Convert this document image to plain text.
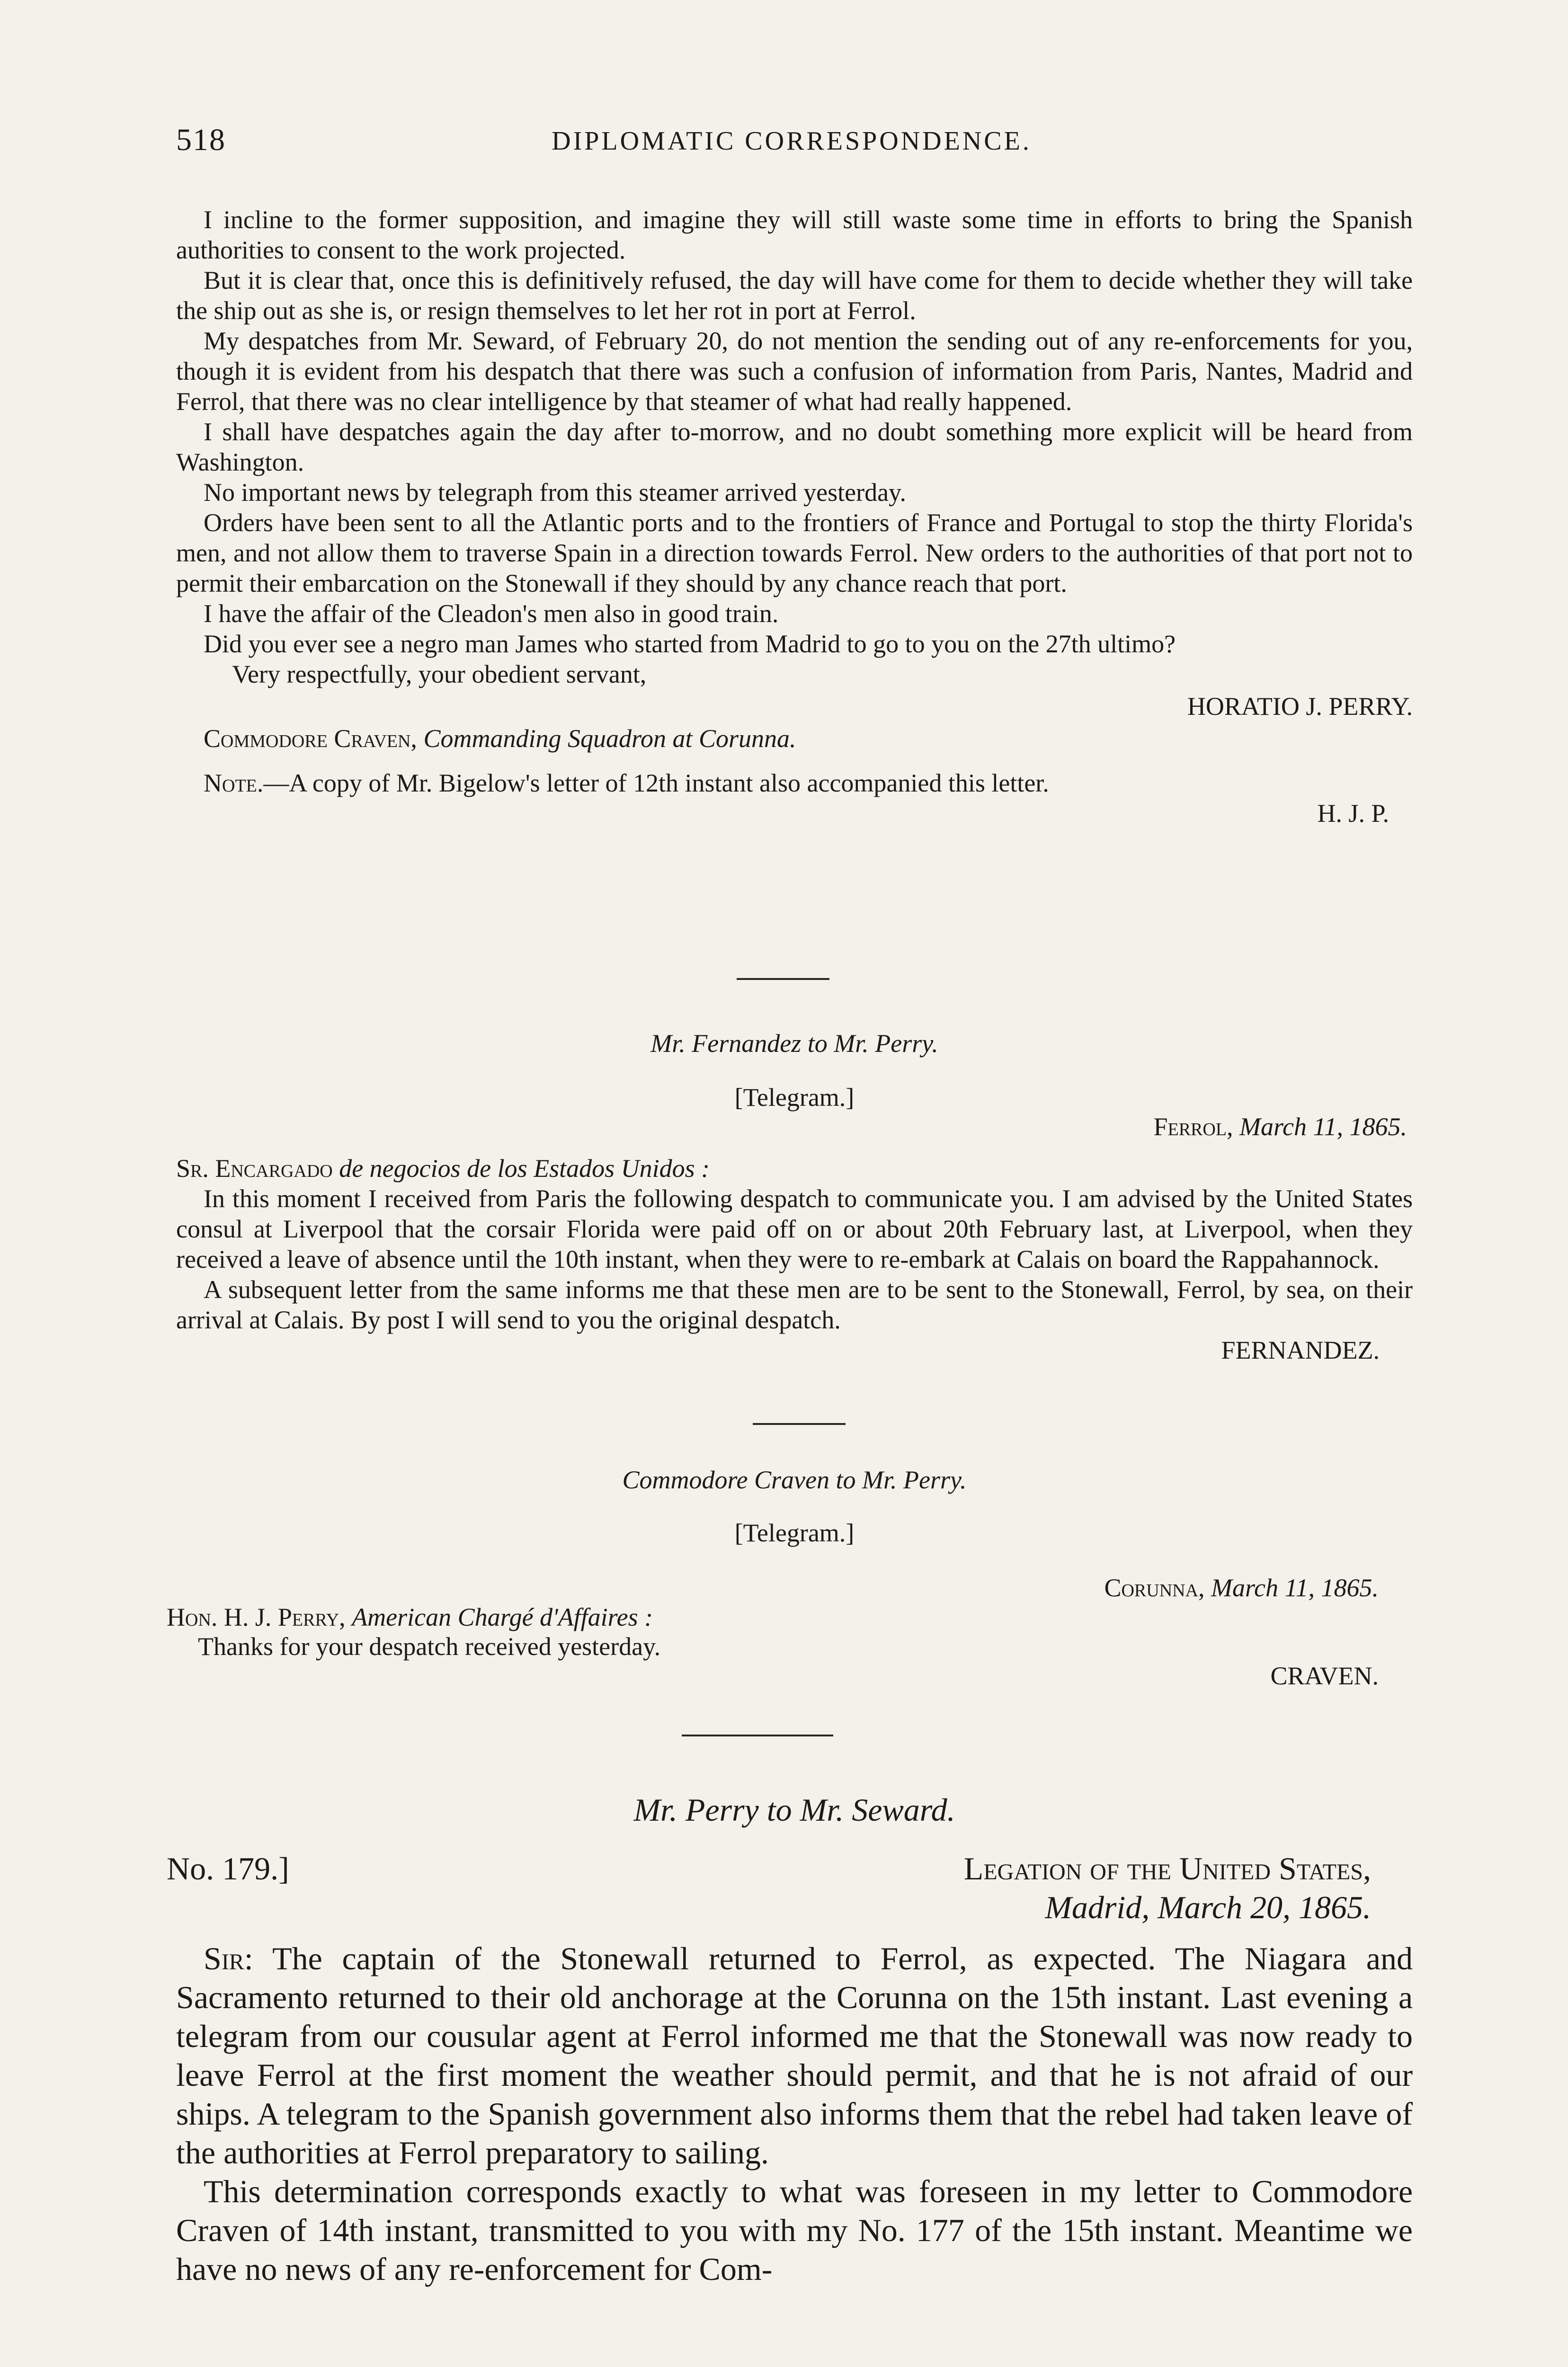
518	DIPLOMATIC CORRESPONDENCE.

I incline to the former supposition, and imagine they will still waste some time in efforts to bring the Spanish authorities to consent to the work projected.

But it is clear that, once this is definitively refused, the day will have come for them to decide whether they will take the ship out as she is, or resign themselves to let her rot in port at Ferrol.

My despatches from Mr. Seward, of February 20, do not mention the sending out of any re-enforcements for you, though it is evident from his despatch that there was such a confusion of information from Paris, Nantes, Madrid and Ferrol, that there was no clear intelligence by that steamer of what had really happened.

I shall have despatches again the day after to-morrow, and no doubt something more explicit will be heard from Washington.

No important news by telegraph from this steamer arrived yesterday.

Orders have been sent to all the Atlantic ports and to the frontiers of France and Portugal to stop the thirty Florida's men, and not allow them to traverse Spain in a direction towards Ferrol. New orders to the authorities of that port not to permit their embarcation on the Stonewall if they should by any chance reach that port.

I have the affair of the Cleadon's men also in good train.

Did you ever see a negro man James who started from Madrid to go to you on the 27th ultimo?

Very respectfully, your obedient servant,

HORATIO J. PERRY.

Commodore Craven, Commanding Squadron at Corunna.

Note.—A copy of Mr. Bigelow's letter of 12th instant also accompanied this letter.

H. J. P.

Mr. Fernandez to Mr. Perry.
[Telegram.]
Ferrol, March 11, 1865.

Sr. Encargado de negocios de los Estados Unidos :

In this moment I received from Paris the following despatch to communicate you. I am advised by the United States consul at Liverpool that the corsair Florida were paid off on or about 20th February last, at Liverpool, when they received a leave of absence until the 10th instant, when they were to re-embark at Calais on board the Rappahannock.

A subsequent letter from the same informs me that these men are to be sent to the Stonewall, Ferrol, by sea, on their arrival at Calais. By post I will send to you the original despatch.

FERNANDEZ.

Commodore Craven to Mr. Perry.
[Telegram.]
Corunna, March 11, 1865.
Hon. H. J. Perry, American Chargé d'Affaires :
Thanks for your despatch received yesterday.
CRAVEN.
Mr. Perry to Mr. Seward.
No. 179.]	Legation of the United States,
Madrid, March 20, 1865.

Sir: The captain of the Stonewall returned to Ferrol, as expected. The Niagara and Sacramento returned to their old anchorage at the Corunna on the 15th instant. Last evening a telegram from our cousular agent at Ferrol informed me that the Stonewall was now ready to leave Ferrol at the first moment the weather should permit, and that he is not afraid of our ships. A telegram to the Spanish government also informs them that the rebel had taken leave of the authorities at Ferrol preparatory to sailing.

This determination corresponds exactly to what was foreseen in my letter to Commodore Craven of 14th instant, transmitted to you with my No. 177 of the 15th instant. Meantime we have no news of any re-enforcement for Com-
